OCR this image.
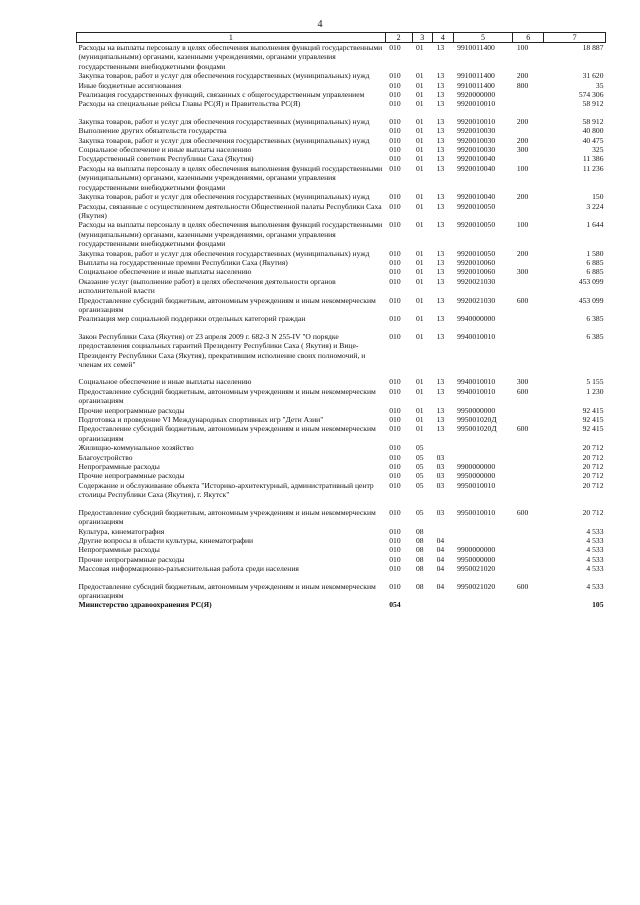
4
1	2	3	4	5	6	7
Расходы на выплаты персоналу в целях обеспечения выполнения функций государственными (муниципальными) органами, казенными учреждениями, органами управления государственными внебюджетными фондами	010	01	13	9910011400	100	18 887
Закупка товаров, работ и услуг для обеспечения государственных (муниципальных) нужд	010	01	13	9910011400	200	31 620
Иные бюджетные ассигнования	010	01	13	9910011400	800	35
Реализация государственных функций, связанных с общегосударственным управлением	010	01	13	9920000000		574 306
Расходы на специальные рейсы Главы РС(Я) и Правительства РС(Я)	010	01	13	9920010010		58 912
Закупка товаров, работ и услуг для обеспечения государственных (муниципальных) нужд	010	01	13	9920010010	200	58 912
Выполнение других обязательств государства	010	01	13	9920010030		40 800
Закупка товаров, работ и услуг для обеспечения государственных (муниципальных) нужд	010	01	13	9920010030	200	40 475
Социальное обеспечение и иные выплаты населению	010	01	13	9920010030	300	325
Государственный советник Республики Саха (Якутия)	010	01	13	9920010040		11 386
Расходы на выплаты персоналу в целях обеспечения выполнения функций государственными (муниципальными) органами, казенными учреждениями, органами управления государственными внебюджетными фондами	010	01	13	9920010040	100	11 236
Закупка товаров, работ и услуг для обеспечения государственных (муниципальных) нужд	010	01	13	9920010040	200	150
Расходы, связанные с осуществлением деятельности Общественной палаты Республики Саха (Якутия)	010	01	13	9920010050		3 224
Расходы на выплаты персоналу в целях обеспечения выполнения функций государственными (муниципальными) органами, казенными учреждениями, органами управления государственными внебюджетными фондами	010	01	13	9920010050	100	1 644
Закупка товаров, работ и услуг для обеспечения государственных (муниципальных) нужд	010	01	13	9920010050	200	1 580
Выплаты на государственные премии Республики Саха (Якутия)	010	01	13	9920010060		6 885
Социальное обеспечение и иные выплаты населению	010	01	13	9920010060	300	6 885
Оказание услуг (выполнение работ) в целях обеспечения деятельности органов исполнительной власти	010	01	13	9920021030		453 099
Предоставление субсидий бюджетным, автономным учреждениям и иным некоммерческим организациям	010	01	13	9920021030	600	453 099
Реализация мер социальной поддержки отдельных категорий граждан	010	01	13	9940000000		6 385
Закон Республики Саха (Якутия) от 23 апреля 2009 г. 682-З N 255-IV "О порядке предоставления социальных гарантий Президенту Республики Саха ( Якутия) и Вице-Президенту Республики Саха (Якутия), прекратившим исполнение своих полномочий, и членам их семей"	010	01	13	9940010010		6 385
Социальное обеспечение и иные выплаты населению	010	01	13	9940010010	300	5 155
Предоставление субсидий бюджетным, автономным учреждениям и иным некоммерческим организациям	010	01	13	9940010010	600	1 230
Прочие непрограммные расходы	010	01	13	9950000000		92 415
Подготовка и проведение VI Международных спортивных игр "Дети Азии"	010	01	13	995001020Д		92 415
Предоставление субсидий бюджетным, автономным учреждениям и иным некоммерческим организациям	010	01	13	995001020Д	600	92 415
Жилищно-коммунальное хозяйство	010	05				20 712
Благоустройство	010	05	03			20 712
Непрограммные расходы	010	05	03	9900000000		20 712
Прочие непрограммные расходы	010	05	03	9950000000		20 712
Содержание и обслуживание объекта "Историко-архитектурный, административный центр столицы Республики Саха (Якутия), г. Якутск"	010	05	03	9950010010		20 712
Предоставление субсидий бюджетным, автономным учреждениям и иным некоммерческим организациям	010	05	03	9950010010	600	20 712
Культура, кинематография	010	08				4 533
Другие вопросы в области культуры, кинематографии	010	08	04			4 533
Непрограммные расходы	010	08	04	9900000000		4 533
Прочие непрограммные расходы	010	08	04	9950000000		4 533
Массовая информационно-разъяснительная работа среди населения	010	08	04	9950021020		4 533
Предоставление субсидий бюджетным, автономным учреждениям и иным некоммерческим организациям	010	08	04	9950021020	600	4 533
Министерство здравоохранения РС(Я)	054					105
